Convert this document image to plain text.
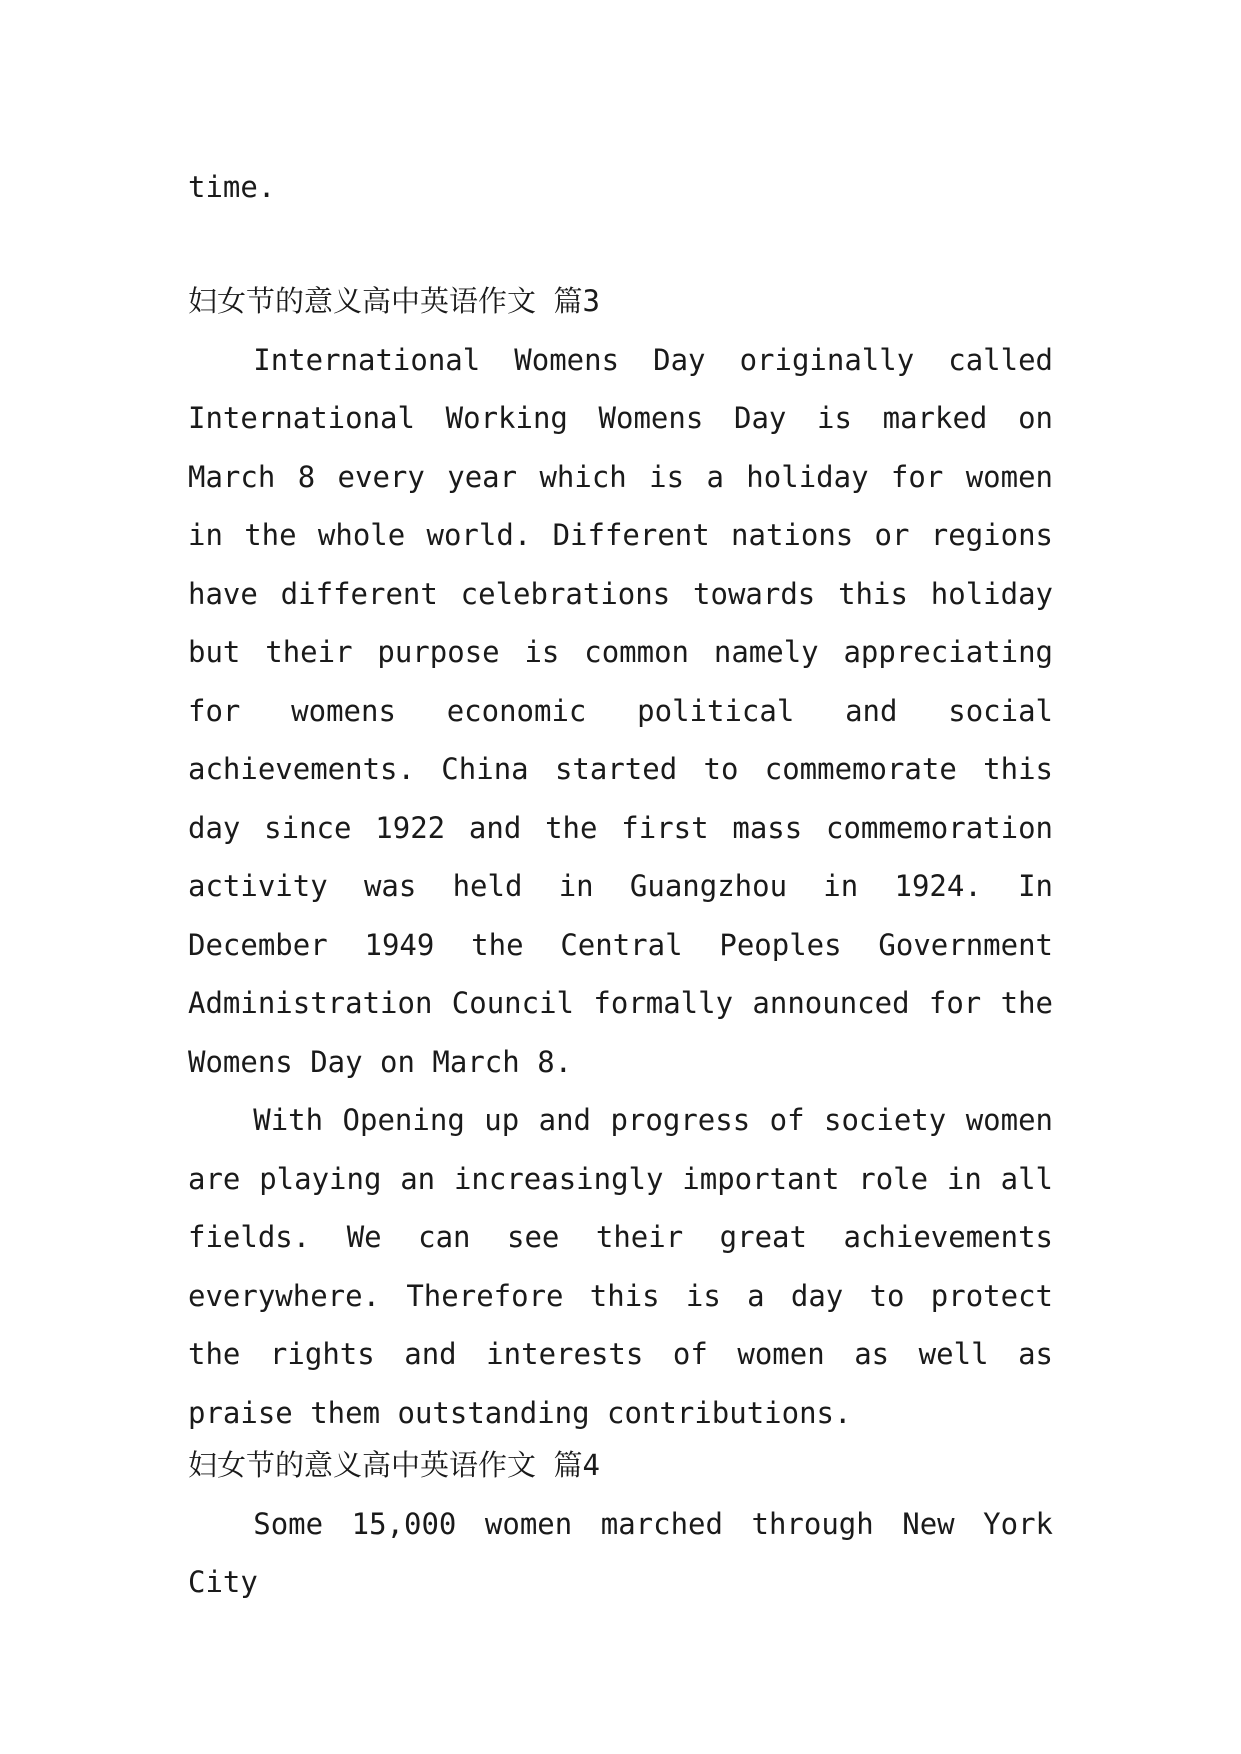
time.
妇女节的意义高中英语作文 篇3

International Womens Day originally called International Working Womens Day is marked on March 8 every year which is a holiday for women in the whole world. Different nations or regions have different celebrations towards this holiday but their purpose is common namely appreciating for womens economic political and social achievements. China started to commemorate this day since 1922 and the first mass commemoration activity was held in Guangzhou in 1924. In December 1949 the Central Peoples Government Administration Council formally announced for the Womens Day on March 8.

With Opening up and progress of society women are playing an increasingly important role in all fields. We can see their great achievements everywhere. Therefore this is a day to protect the rights and interests of women as well as praise them outstanding contributions.

妇女节的意义高中英语作文 篇4

Some 15,000 women marched through New York City
